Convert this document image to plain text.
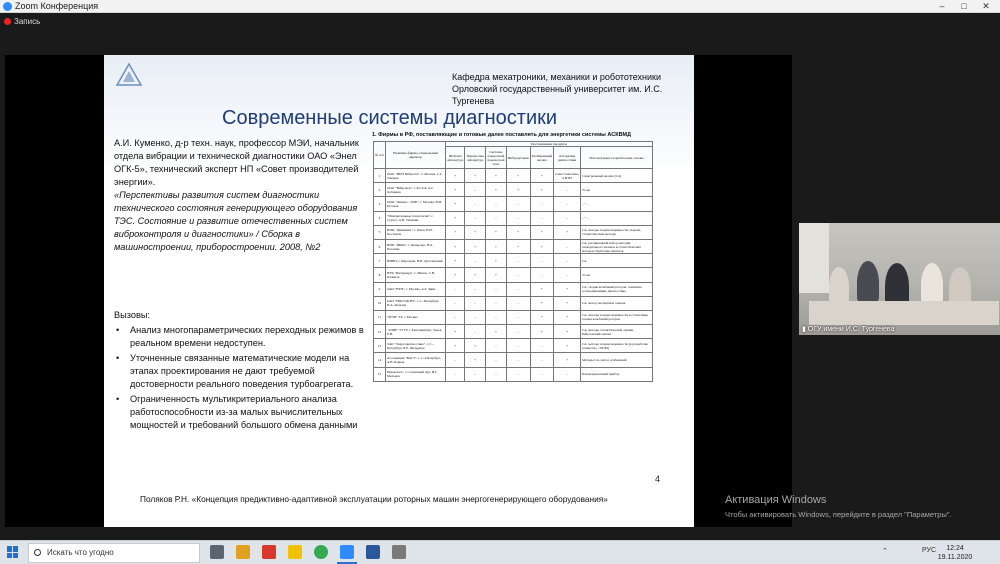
Zoom Конференция	–	□	✕
Запись
Кафедра мехатроники, механики и робототехники
Орловский государственный университет им. И.С. Тургенева
Современные системы диагностики
А.И. Куменко, д-р техн. наук, профессор МЭИ, начальник отдела вибрации и технической диагностики ОАО «Энел ОГК-5», технический эксперт НП «Совет производителей энергии».
«Перспективы развития систем диагностики технического состояния генерирующего оборудования ТЭС. Состояние и развитие отечественных систем виброконтроля и диагностики» / Сборка в машиностроении, приборостроении. 2008, №2
Вызовы:
• Анализ многопараметрических переходных режимов в реальном времени недоступен.
• Уточненные связанные математические модели на этапах проектирования не дают требуемой достоверности реального поведения турбоагрегата.
• Ограниченность мультикритериального анализа работоспособности из-за малых вычислительных мощностей и требований большого обмена данными
1. Фирмы в РФ, поставляющие и готовые далее поставлять для энергетики системы АСКВМД
№ п/п	Название фирмы, генеральный директор	Поставляемые продукты						
		Штатная аппаратура	Переносная аппаратура	Системы поверочной переносной техн.	Вибродатчики	Расширенный анализ	Алгоритмы диагностики	Используемые теоретические основы
1	ООО "НПП Вибротех", г. Москва, С.Г. Токарев	+	+	+	+	+	Самостоятельно в ВТИ	Спектральный анализ (СА)
2	ООО "Виброкон", г. Ростов, А.Г. Добряков	+	–	+	+	+	–	То же
3	ООО "Диамех - 2000", г. Москва, Н.И. Русаков	+	–	–	–	–	–	– " –
4	"Измерительные технологии", г. Сургут, А.В. Тенинин	+	–	–	–	–	–	– " –
5	НПЦ "Динамика", г. Омск, В.Н. Костюков	+	+	+	+	+	+	СА, методы теории надежности, модели, статистические методы
6	НПП "ИКРА", г. Кемерово, Н.А. Поганин	+	+	+	+	+	–	СА, расширенный набор методик спектрального анализа и статистических методов обработки сигналов
7	НИИП, г. Кирсанов, В.П. Деталевский	+	–	+	–	–	–	СА
8	НТК "Интеркард", г. Минск, С.В. Калинов	+	+	+	–	–	–	То же
9	ОАО "ВТИ", г. Москва, А.З. Звим	–	–	–	–	+	+	СА, теория колебаний роторов, элементы ротородинамики, диагностика
10	ОАО "НПО ЦКТИ", г. С.-Петербург, И.А. Ковалев	–	–	–	–	+	+	СА, метод экспертных оценок
11	"МЭИ" ТУ, г. Москва	–	–	–	–	+	+	СА, методы теории надежности и статистики, теория колебаний роторов
12	"УЛВР" УГТУ, г. Екатеринбург, Урьев Е.В.	+	–	+	–	+	+	СА, методы статистической оценки Бейесовский анализ
13	ЗАО "Энергодиагностика", г. С.-Петербург, Б.Е. Фельдман	+	+	–	–	–	+	СА, методы теории надежности (в разработке совместно с МЭИ)
14	Ассоциация "ВАСТ", г. С.-Петербург, А.В. Барков	–	+	–	–	–	+	Методы СА, метод огибающей
15	Инкорамос, г. Солнечный Арт. Н.Г. Мельцов	–	–	–	–	–	–	Балансировочный прибор
4
Поляков Р.Н. «Концепция предиктивно-адаптивной эксплуатации роторных машин энергогенерирующего оборудования»
▮ ОГУ имени И.С. Тургенева
Активация Windows
Чтобы активировать Windows, перейдите в раздел "Параметры".
Искать что угодно	⌃	РУС	12:24
19.11.2020
